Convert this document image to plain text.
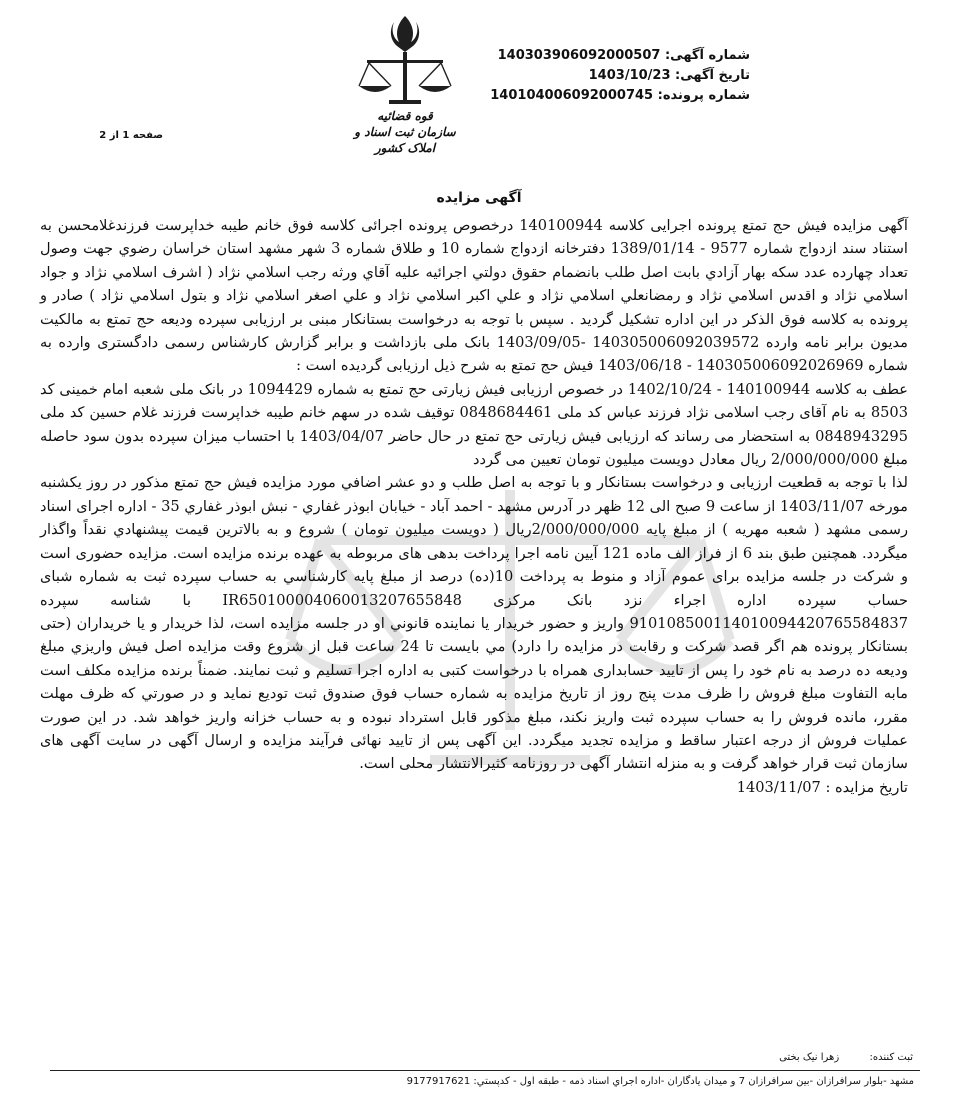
قوه قضائیه
سازمان ثبت اسناد و املاک کشور
شماره آگهی: 140303906092000507
تاریخ آگهی: 1403/10/23
شماره پرونده: 140104006092000745
صفحه 1 از 2
آگهی مزایده

آگهی مزایده فیش حج تمتع پرونده اجرایی کلاسه 140100944 درخصوص پرونده اجرائی کلاسه فوق خانم طیبه خداپرست فرزندغلامحسن به استناد سند ازدواج شماره 9577 - 1389/01/14 دفترخانه ازدواج شماره 10 و طلاق شماره 3 شهر مشهد استان خراسان رضوي جهت وصول تعداد چهارده عدد سکه بهار آزادي بابت اصل طلب بانضمام حقوق دولتي اجرائيه عليه آقاي ورثه رجب اسلامي نژاد ( اشرف اسلامي نژاد و جواد اسلامي نژاد و اقدس اسلامي نژاد و رمضانعلي اسلامي نژاد و علي اکبر اسلامي نژاد و علي اصغر اسلامي نژاد و بتول اسلامي نژاد ) صادر و پرونده به کلاسه فوق الذکر در اين اداره تشکيل گرديد . سپس با توجه به درخواست بستانکار مبنی بر ارزيابی سپرده وديعه حج تمتع به مالکيت مديون برابر نامه وارده 140305006092039572 -1403/09/05 بانک ملی بازداشت و برابر گزارش کارشناس رسمی دادگستری وارده به شماره 140305006092026969 - 1403/06/18 فيش حج تمتع به شرح ذيل ارزيابی گرديده است :

عطف به کلاسه 140100944 - 1402/10/24 در خصوص ارزيابی فيش زيارتی حج تمتع به شماره 1094429 در بانک ملی شعبه امام خمينی کد 8503 به نام آقای رجب اسلامی نژاد فرزند عباس کد ملی 0848684461 توقيف شده در سهم خانم طيبه خداپرست فرزند غلام حسين کد ملی 0848943295 به استحضار می رساند که ارزيابی فيش زيارتی حج تمتع در حال حاضر 1403/04/07 با احتساب ميزان سپرده بدون سود حاصله مبلغ 2/000/000/000 ريال معادل دويست ميليون تومان تعيين می گردد

لذا با توجه به قطعيت ارزيابی و درخواست بستانکار و با توجه به اصل طلب و دو عشر اضافي مورد مزايده فيش حج تمتع مذکور در روز يکشنبه مورخه 1403/11/07 از ساعت 9 صبح الی 12 ظهر در آدرس مشهد - احمد آباد - خيابان ابوذر غفاري - نبش ابوذر غفاري 35 - اداره اجرای اسناد رسمی مشهد ( شعبه مهريه ) از مبلغ پايه 2/000/000/000ريال ( دويست ميليون تومان ) شروع و به بالاترين قيمت پيشنهادي نقداً واگذار ميگردد. همچنين طبق بند 6 از فراز الف ماده 121 آيين نامه اجرا پرداخت بدهی های مربوطه به عهده برنده مزايده است. مزايده حضوری است و شرکت در جلسه مزايده برای عموم آزاد و منوط به پرداخت 10(ده) درصد از مبلغ پايه کارشناسي به حساب سپرده ثبت به شماره شبای حساب سپرده اداره اجراء نزد بانک مرکزی IR650100004060013207655848 با شناسه سپرده 910108500114010094420765584837 واريز و حضور خريدار يا نماينده قانوني او در جلسه مزايده است، لذا خريدار و يا خريداران (حتی بستانکار پرونده هم اگر قصد شرکت و رقابت در مزايده را دارد) مي بايست تا 24 ساعت قبل از شروع وقت مزايده اصل فيش واريزي مبلغ وديعه ده درصد به نام خود را پس از تاييد حسابداری همراه با درخواست کتبی به اداره اجرا تسليم و ثبت نمايند. ضمناً برنده مزايده مکلف است مابه التفاوت مبلغ فروش را ظرف مدت پنج روز از تاريخ مزايده به شماره حساب فوق صندوق ثبت توديع نمايد و در صورتي که ظرف مهلت مقرر، مانده فروش را به حساب سپرده ثبت واريز نکند، مبلغ مذکور قابل استرداد نبوده و به حساب خزانه واريز خواهد شد. در اين صورت عمليات فروش از درجه اعتبار ساقط و مزايده تجديد ميگردد. اين آگهی پس از تاييد نهائی فرآيند مزايده و ارسال آگهی در سايت آگهی های سازمان ثبت قرار خواهد گرفت و به منزله انتشار آگهی در روزنامه کثيرالانتشار محلی است.

تاريخ مزايده : 1403/11/07

ثبت کننده:  زهرا نیک بختی
مشهد -بلوار سرافرازان -بين سرافرازان 7 و ميدان يادگاران -اداره اجراي اسناد ذمه - طبقه اول - کدپستي: 9177917621
